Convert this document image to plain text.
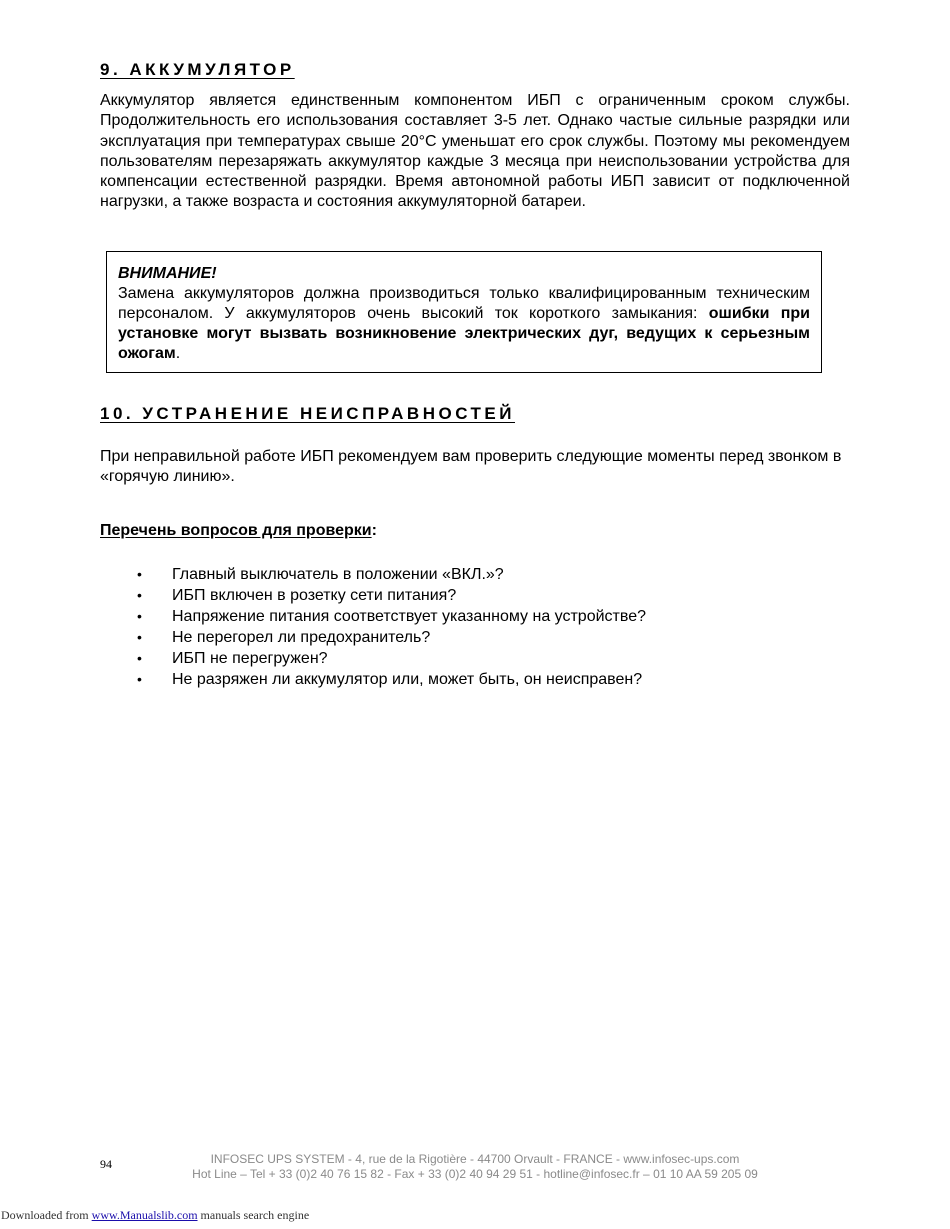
9. АККУМУЛЯТОР

Аккумулятор является единственным компонентом ИБП с ограниченным сроком службы. Продолжительность его использования составляет 3-5 лет. Однако частые сильные разрядки или эксплуатация при температурах свыше 20°C уменьшат его срок службы. Поэтому мы рекомендуем пользователям перезаряжать аккумулятор каждые 3 месяца при неиспользовании устройства для компенсации естественной разрядки. Время автономной работы ИБП зависит от подключенной нагрузки, а также возраста и состояния аккумуляторной батареи.

ВНИМАНИЕ!

Замена аккумуляторов должна производиться только квалифицированным техническим персоналом. У аккумуляторов очень высокий ток короткого замыкания: ошибки при установке могут вызвать возникновение электрических дуг, ведущих к серьезным ожогам.

10. УСТРАНЕНИЕ НЕИСПРАВНОСТЕЙ

При неправильной работе ИБП рекомендуем вам проверить следующие моменты перед звонком в «горячую линию».

Перечень вопросов для проверки:

• Главный выключатель в положении «ВКЛ.»?
• ИБП включен в розетку сети питания?
• Напряжение питания соответствует указанному на устройстве?
• Не перегорел ли предохранитель?
• ИБП не перегружен?
• Не разряжен ли аккумулятор или, может быть, он неисправен?
94	INFOSEC UPS SYSTEM - 4, rue de la Rigotière - 44700 Orvault - FRANCE - www.infosec-ups.com
Hot Line – Tel + 33 (0)2 40 76 15 82 - Fax + 33 (0)2 40 94 29 51 - hotline@infosec.fr – 01 10 AA 59 205 09
Downloaded from www.Manualslib.com manuals search engine
